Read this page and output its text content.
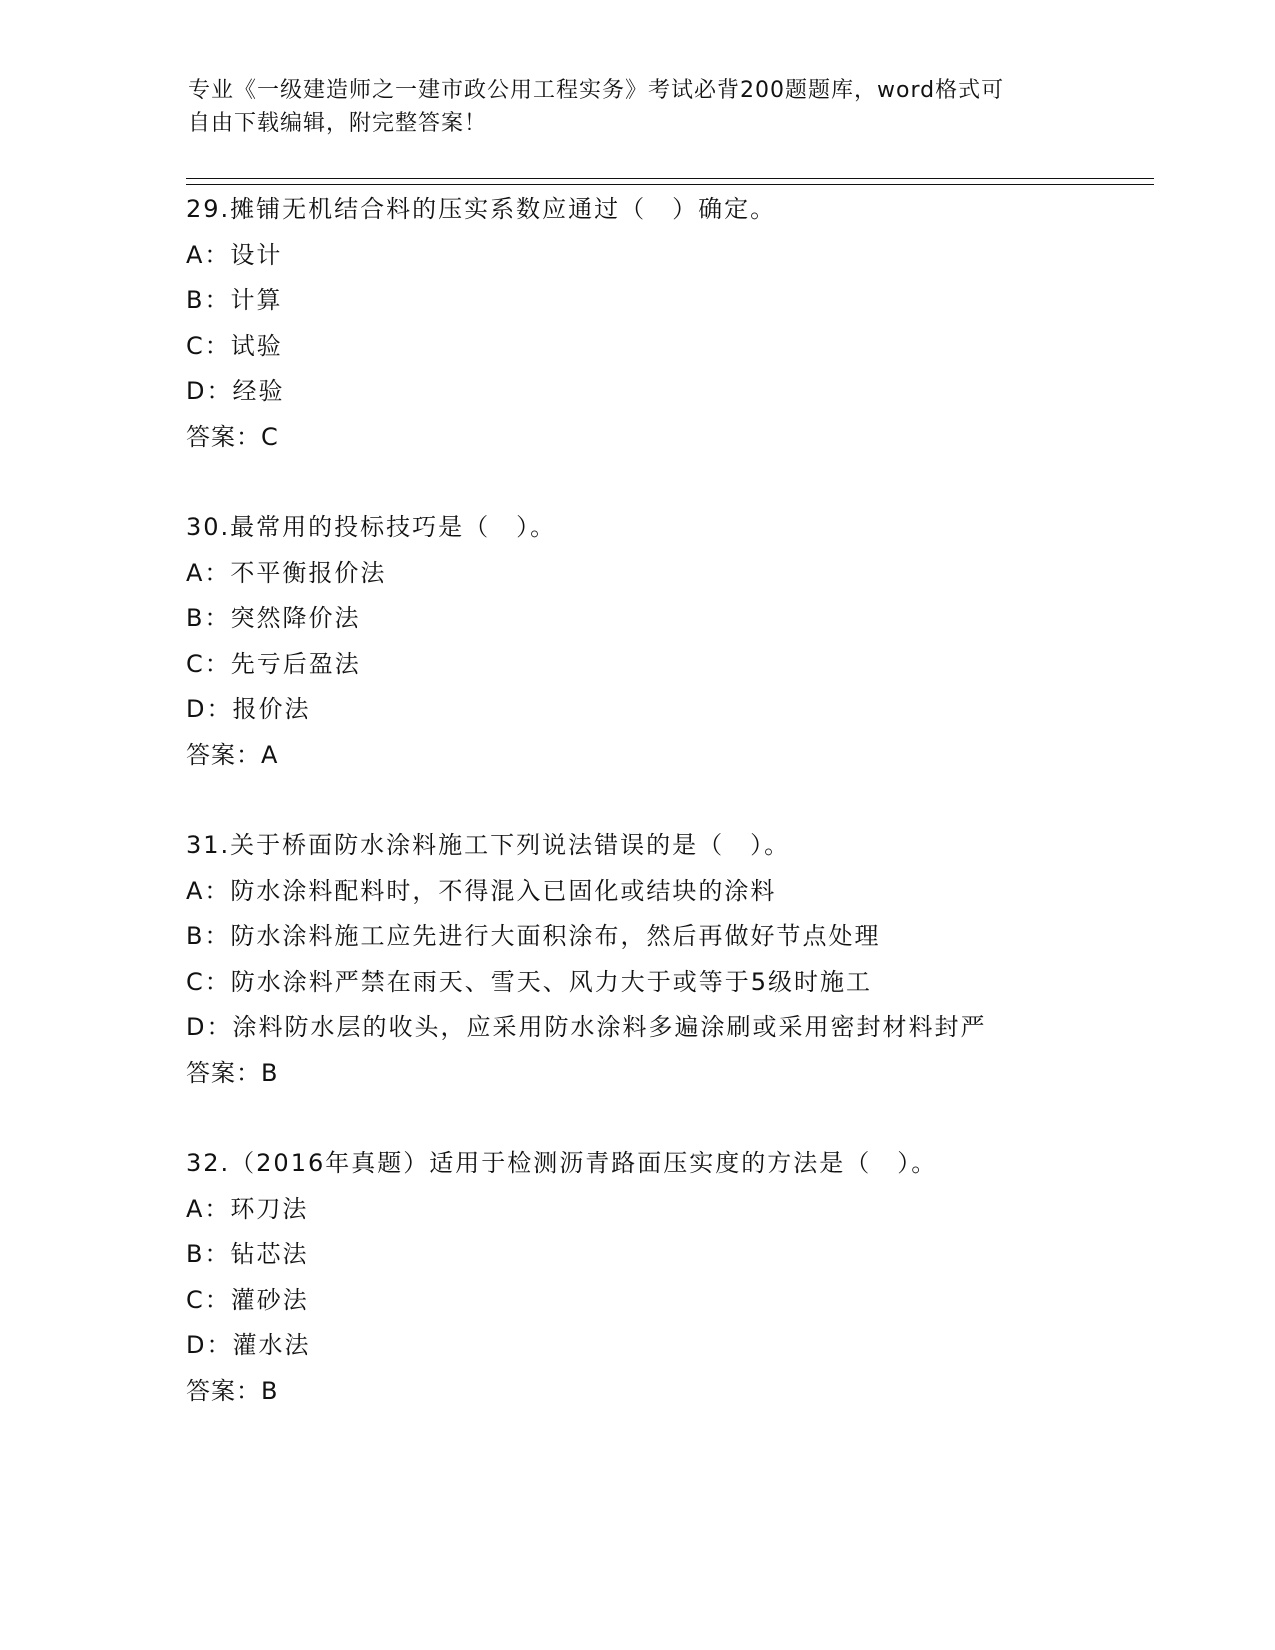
专业《一级建造师之一建市政公用工程实务》考试必背200题题库，word格式可
自由下载编辑，附完整答案！
29.摊铺无机结合料的压实系数应通过（　）确定。
A：设计
B：计算
C：试验
D：经验
答案：C
30.最常用的投标技巧是（　）。
A：不平衡报价法
B：突然降价法
C：先亏后盈法
D：报价法
答案：A
31.关于桥面防水涂料施工下列说法错误的是（　）。
A：防水涂料配料时，不得混入已固化或结块的涂料
B：防水涂料施工应先进行大面积涂布，然后再做好节点处理
C：防水涂料严禁在雨天、雪天、风力大于或等于5级时施工
D：涂料防水层的收头，应采用防水涂料多遍涂刷或采用密封材料封严
答案：B
32.（2016年真题）适用于检测沥青路面压实度的方法是（　）。
A：环刀法
B：钻芯法
C：灌砂法
D：灌水法
答案：B
